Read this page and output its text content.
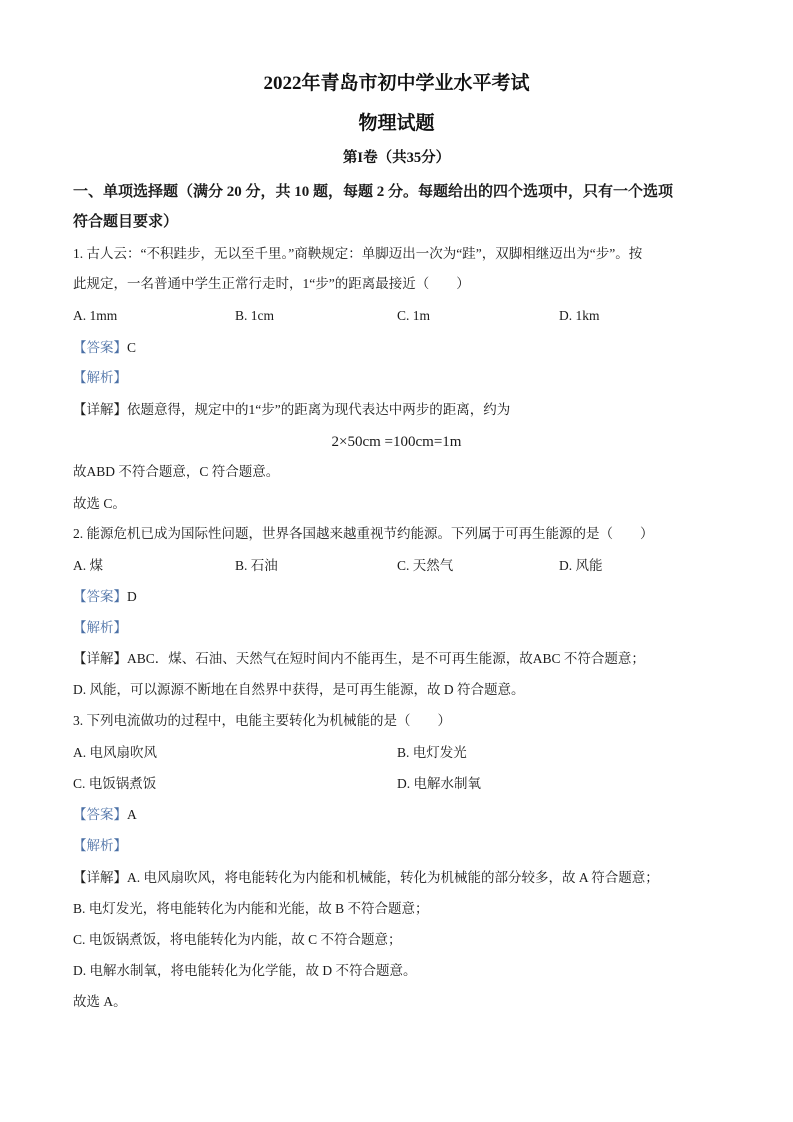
2022年青岛市初中学业水平考试
物理试题
第I卷（共35分）
一、单项选择题（满分 20 分，共 10 题，每题 2 分。每题给出的四个选项中，只有一个选项
符合题目要求）
1. 古人云：“不积跬步，无以至千里。”商鞅规定：单脚迈出一次为“跬”，双脚相继迈出为“步”。按
此规定，一名普通中学生正常行走时，1“步”的距离最接近（　　）
A. 1mm	B. 1cm	C. 1m	D. 1km
【答案】C
【解析】
【详解】依题意得，规定中的1“步”的距离为现代表达中两步的距离，约为
2×50cm =100cm=1m
故ABD 不符合题意，C 符合题意。
故选 C。
2. 能源危机已成为国际性问题，世界各国越来越重视节约能源。下列属于可再生能源的是（　　）
A. 煤	B. 石油	C. 天然气	D. 风能
【答案】D
【解析】
【详解】ABC．煤、石油、天然气在短时间内不能再生，是不可再生能源，故ABC 不符合题意；
D. 风能，可以源源不断地在自然界中获得，是可再生能源，故 D 符合题意。
3. 下列电流做功的过程中，电能主要转化为机械能的是（　　）
A. 电风扇吹风	B. 电灯发光
C. 电饭锅煮饭	D. 电解水制氧
【答案】A
【解析】
【详解】A. 电风扇吹风，将电能转化为内能和机械能，转化为机械能的部分较多，故 A 符合题意；
B. 电灯发光，将电能转化为内能和光能，故 B 不符合题意；
C. 电饭锅煮饭，将电能转化为内能，故 C 不符合题意；
D. 电解水制氧，将电能转化为化学能，故 D 不符合题意。
故选 A。
